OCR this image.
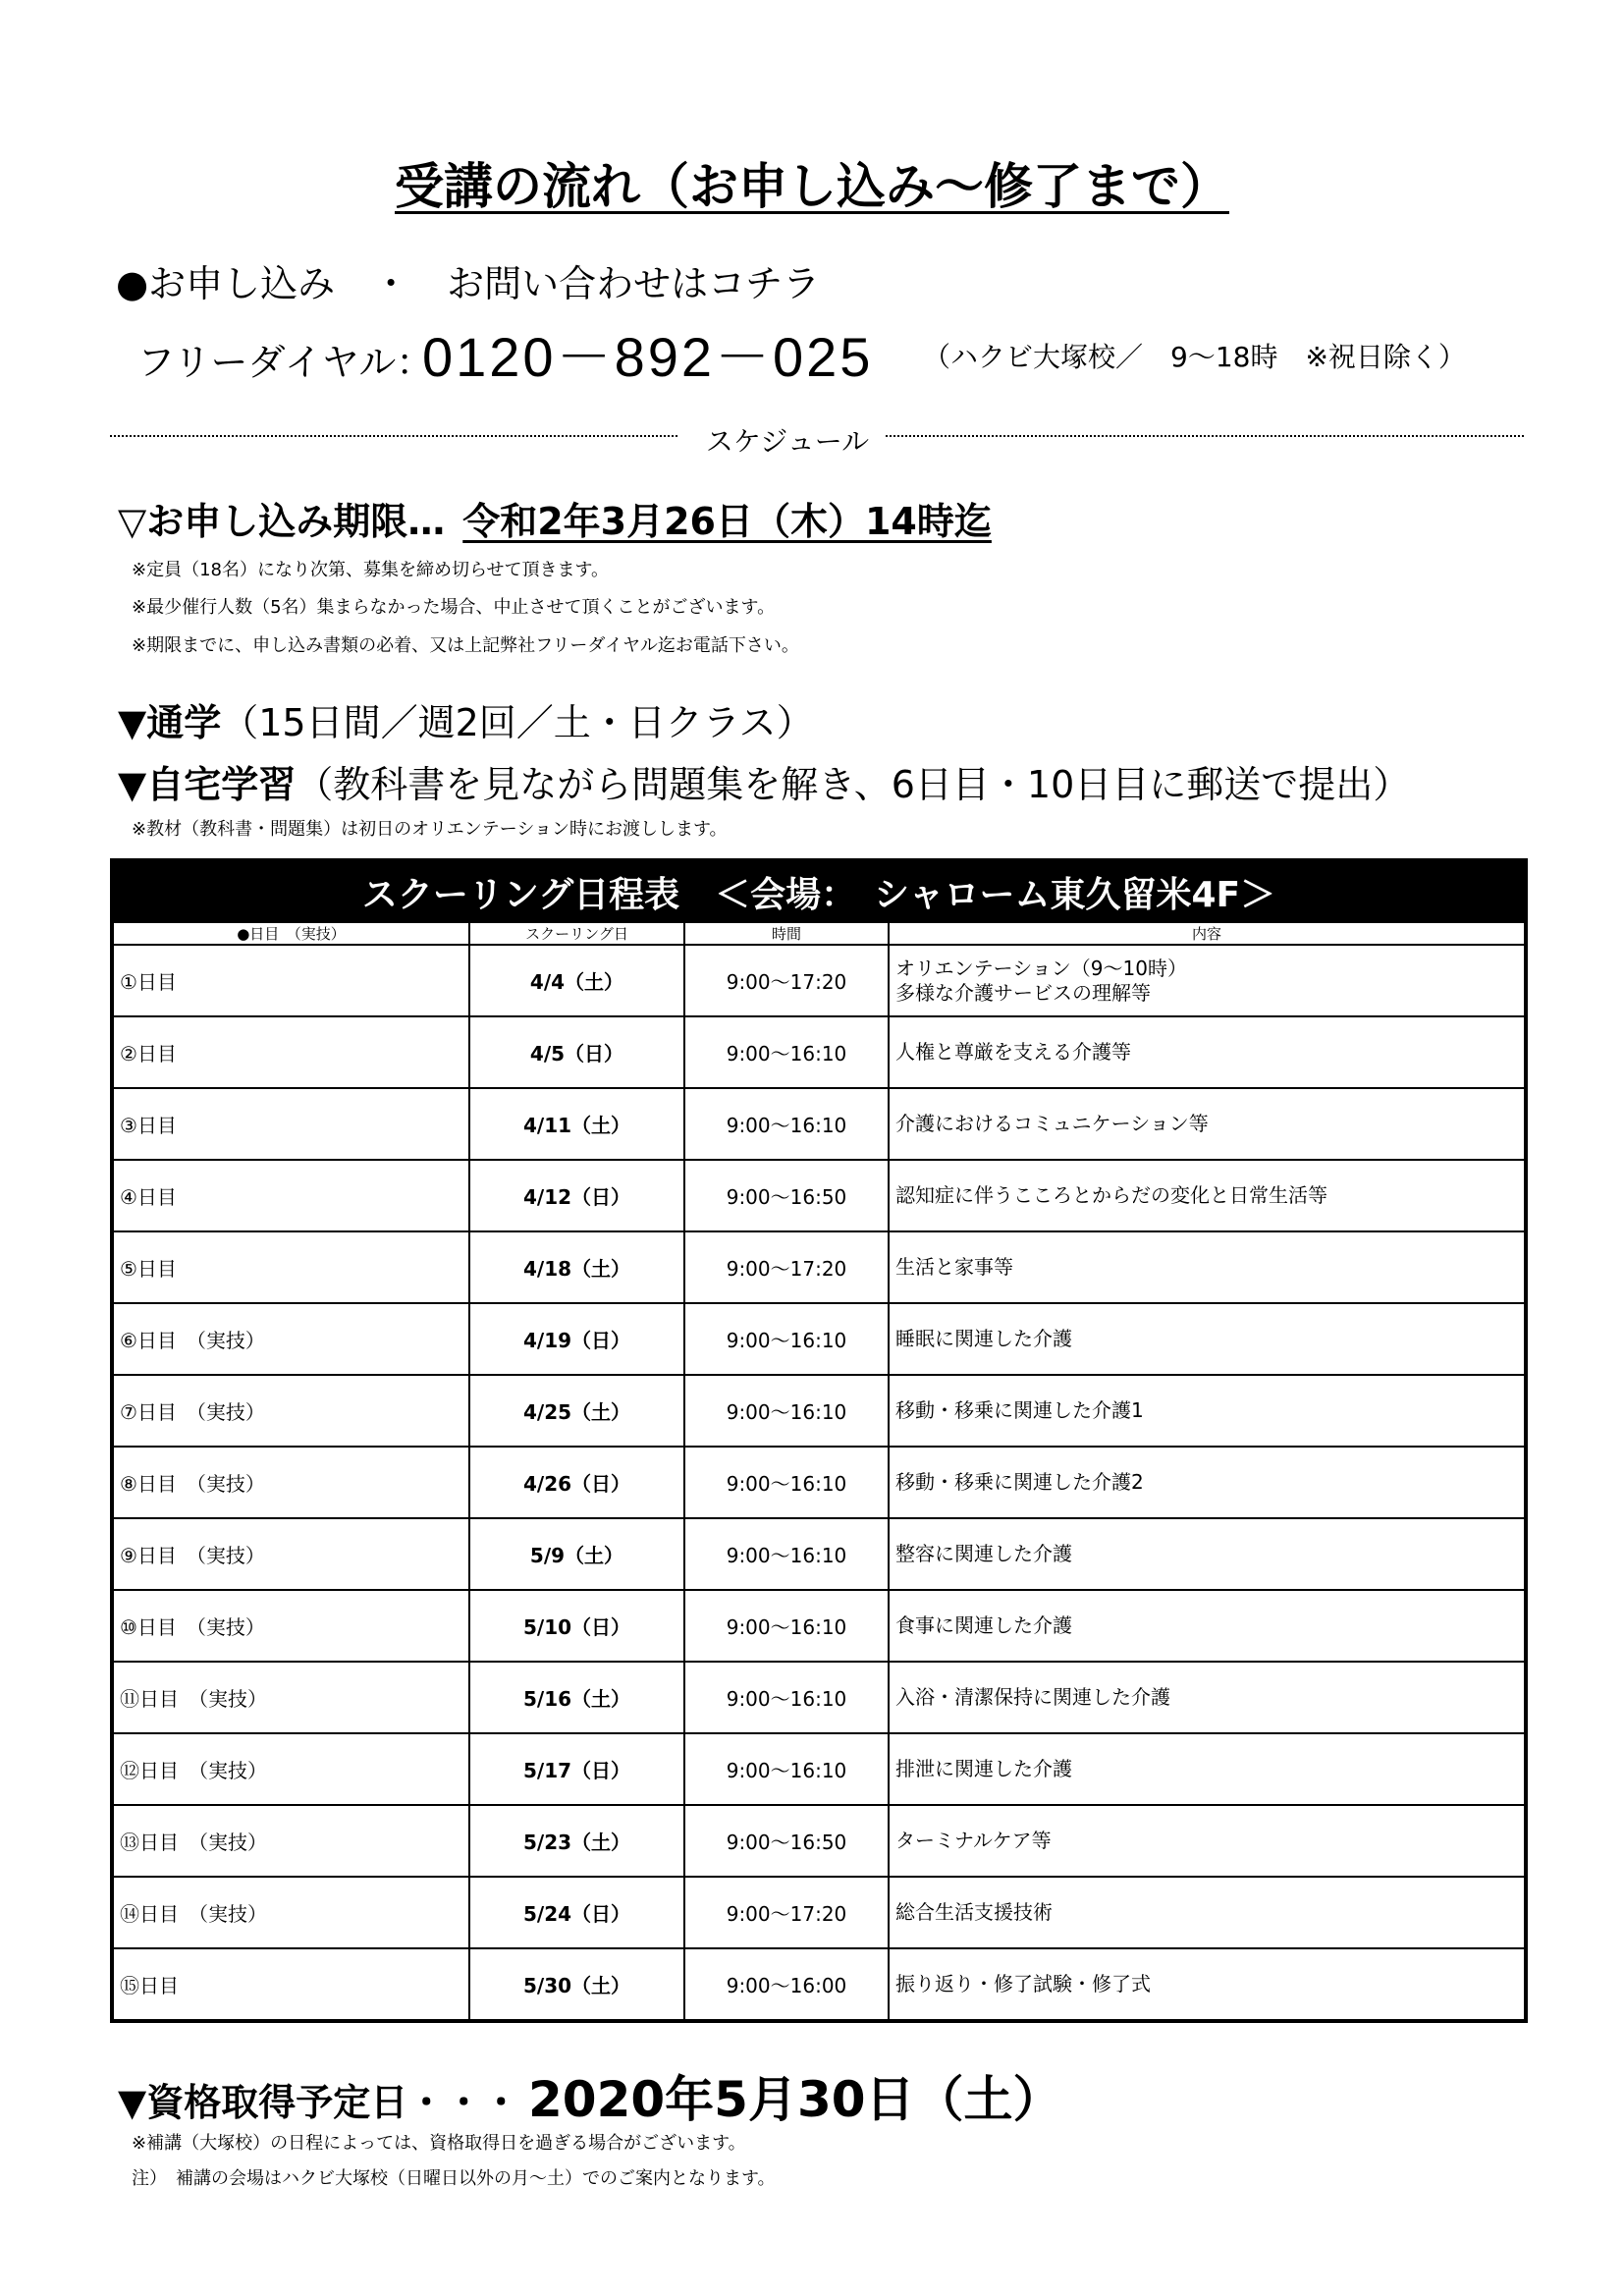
受講の流れ（お申し込み～修了まで）
●お申し込み　・　お問い合わせはコチラ
フリーダイヤル：
0120－892－025 （ハクビ大塚校／　9～18時　※祝日除く）
スケジュール
▽お申し込み期限… 令和2年3月26日（木）14時迄
※定員（18名）になり次第、募集を締め切らせて頂きます。
※最少催行人数（5名）集まらなかった場合、中止させて頂くことがございます。
※期限までに、申し込み書類の必着、又は上記弊社フリーダイヤル迄お電話下さい。
▼通学（15日間／週2回／土・日クラス）
▼自宅学習（教科書を見ながら問題集を解き、6日目・10日目に郵送で提出）
※教材（教科書・問題集）は初日のオリエンテーション時にお渡しします。
スクーリング日程表　＜会場：　シャローム東久留米4F＞			
●日目　（実技）	スクーリング日	時間	内容
①日目	4/4（土）	9:00～17:20	オリエンテーション（9～10時）
多様な介護サービスの理解等

②日目	4/5（日）	9:00～16:10	人権と尊厳を支える介護等

③日目	4/11（土）	9:00～16:10	介護におけるコミュニケーション等

④日目	4/12（日）	9:00～16:50	認知症に伴うこころとからだの変化と日常生活等

⑤日目	4/18（土）	9:00～17:20	生活と家事等

⑥日目　（実技）	4/19（日）	9:00～16:10	睡眠に関連した介護

⑦日目　（実技）	4/25（土）	9:00～16:10	移動・移乗に関連した介護1

⑧日目　（実技）	4/26（日）	9:00～16:10	移動・移乗に関連した介護2

⑨日目　（実技）	5/9（土）	9:00～16:10	整容に関連した介護

⑩日目　（実技）	5/10（日）	9:00～16:10	食事に関連した介護

⑪日目　（実技）	5/16（土）	9:00～16:10	入浴・清潔保持に関連した介護

⑫日目　（実技）	5/17（日）	9:00～16:10	排泄に関連した介護

⑬日目　（実技）	5/23（土）	9:00～16:50	ターミナルケア等

⑭日目　（実技）	5/24（日）	9:00～17:20	総合生活支援技術

⑮日目	5/30（土）	9:00～16:00	振り返り・修了試験・修了式
▼資格取得予定日・・・ 2020年5月30日（土）
※補講（大塚校）の日程によっては、資格取得日を過ぎる場合がございます。
注）　補講の会場はハクビ大塚校（日曜日以外の月～土）でのご案内となります。
